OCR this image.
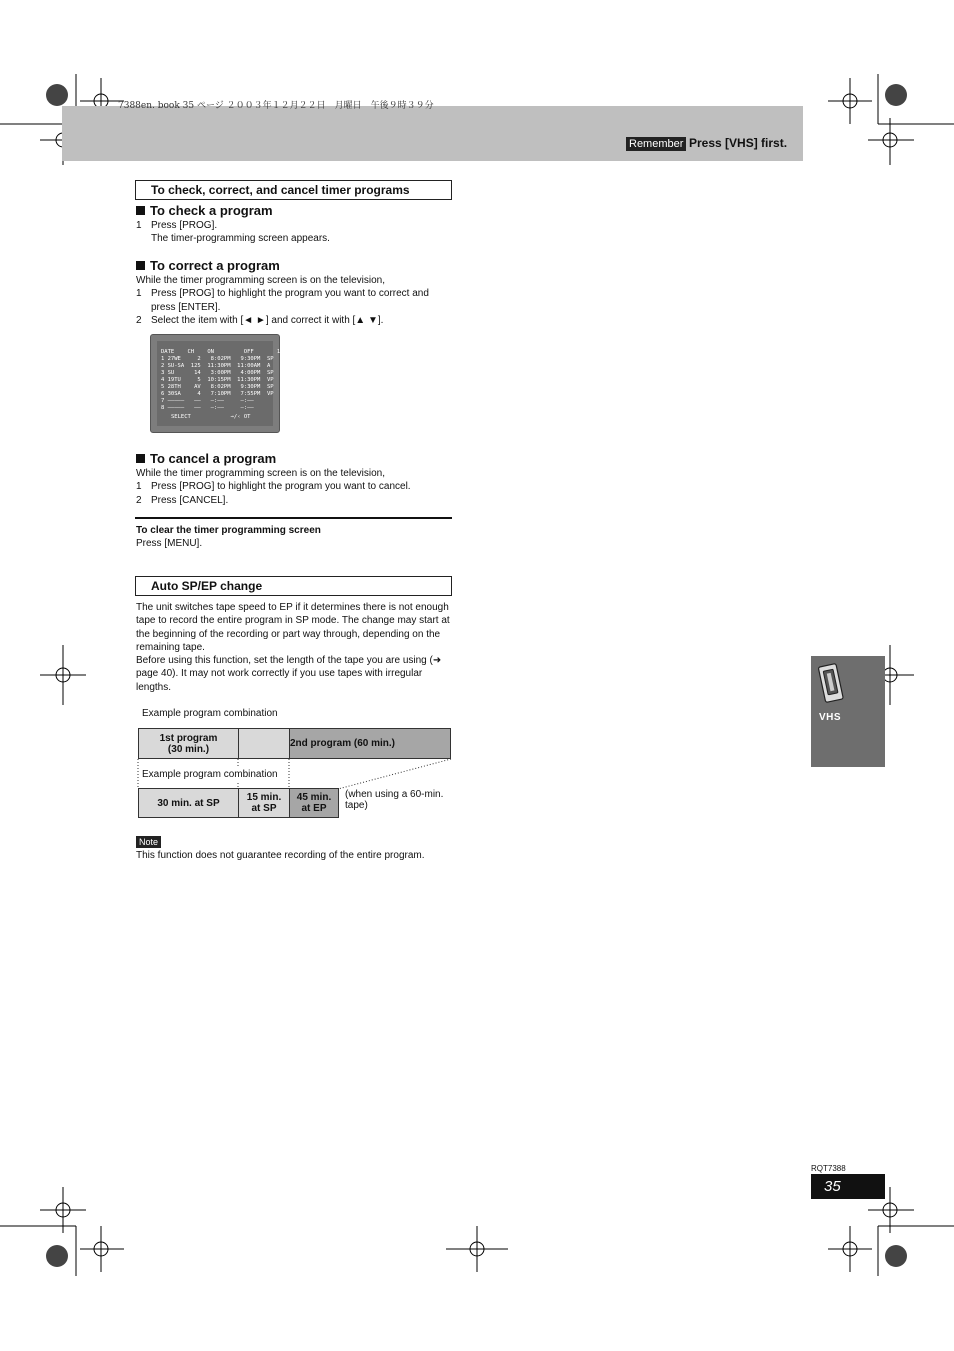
7388en. book 35 ページ ２００３年１２月２２日　月曜日　午後９時３９分
Remember Press [VHS] first.
To check, correct, and cancel timer programs
To check a program
1 Press [PROG].
The timer-programming screen appears.
To correct a program
While the timer programming screen is on the television,
1 Press [PROG] to highlight the program you want to correct and press [ENTER].
2 Select the item with [◄ ►] and correct it with [▲ ▼].
DATE    CH    ON         OFF       1/2
1 27WE     2   8:02PM   9:30PM  SP
2 SU-SA  125  11:30PM  11:00AM  A
3 SU      14   3:00PM   4:00PM  SP
4 19TU     5  10:15PM  11:30PM  VP
5 28TH    AV   8:02PM   9:30PM  SP
6 30SA     4   7:10PM   7:55PM  VP
7 –––––   ––   –:––     –:––
8 –––––   ––   –:––     –:––
SELECT            →/‹ OT
To cancel a program
While the timer programming screen is on the television,
1 Press [PROG] to highlight the program you want to cancel.
2 Press [CANCEL].
To clear the timer programming screen
Press [MENU].
Auto SP/EP change
The unit switches tape speed to EP if it determines there is not enough tape to record the entire program in SP mode. The change may start at the beginning of the recording or part way through, depending on the remaining tape.
Before using this function, set the length of the tape you are using (➜ page 40). It may not work correctly if you use tapes with irregular lengths.
Example program combination
1st program
(30 min.)	2nd program (60 min.)
Example program combination
30 min. at SP	15 min.
at SP
45 min.
at EP
(when using a 60-min.
tape)
Note
This function does not guarantee recording of the entire program.
VHS
RQT7388
35
